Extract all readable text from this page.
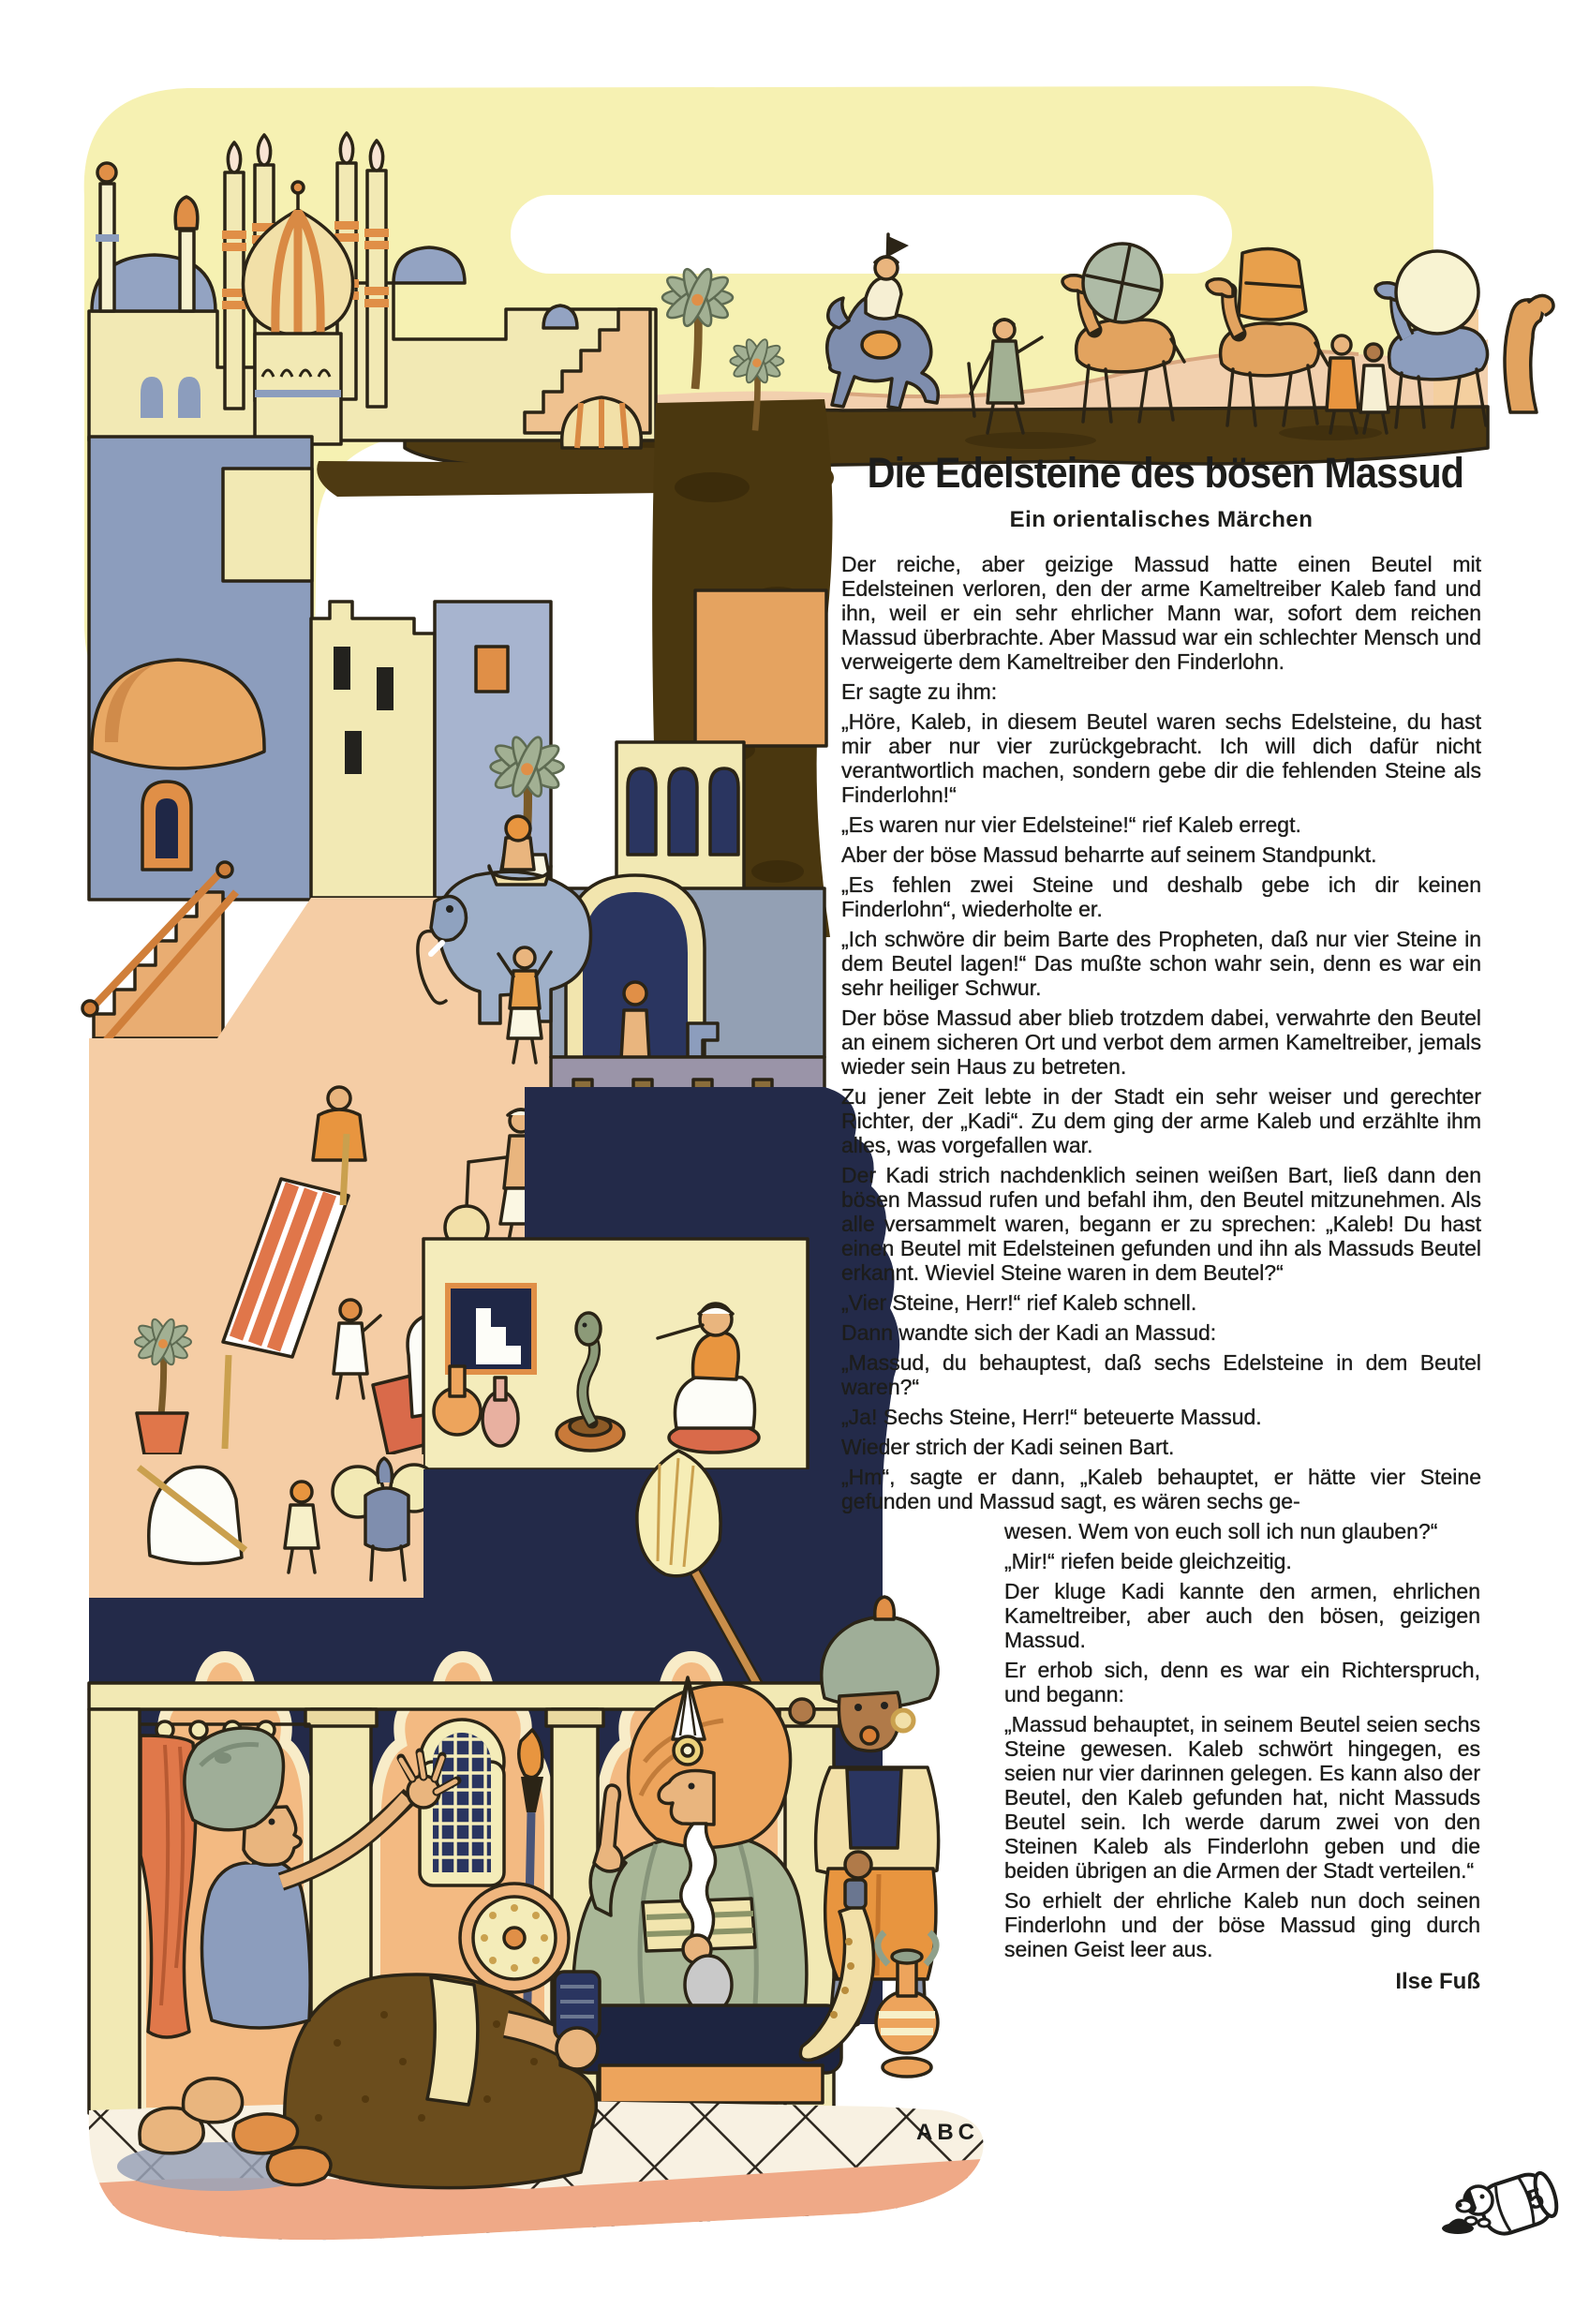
5
Die Edelsteine des bösen Massud
Ein orientalisches Märchen

Der reiche, aber geizige Massud hatte einen Beutel mit Edelsteinen verloren, den der arme Kameltreiber Kaleb fand und ihn, weil er ein sehr ehrlicher Mann war, sofort dem reichen Massud überbrachte. Aber Massud war ein schlechter Mensch und verweigerte dem Kameltreiber den Finderlohn.

Er sagte zu ihm:

„Höre, Kaleb, in diesem Beutel waren sechs Edelsteine, du hast mir aber nur vier zurückgebracht. Ich will dich dafür nicht verantwortlich machen, sondern gebe dir die fehlenden Steine als Finderlohn!“

„Es waren nur vier Edelsteine!“ rief Kaleb erregt.

Aber der böse Massud beharrte auf seinem Standpunkt.

„Es fehlen zwei Steine und deshalb gebe ich dir keinen Finderlohn“, wiederholte er.

„Ich schwöre dir beim Barte des Propheten, daß nur vier Steine in dem Beutel lagen!“ Das mußte schon wahr sein, denn es war ein sehr heiliger Schwur.

Der böse Massud aber blieb trotzdem dabei, verwahrte den Beutel an einem sicheren Ort und verbot dem armen Kameltreiber, jemals wieder sein Haus zu betreten.

Zu jener Zeit lebte in der Stadt ein sehr weiser und gerechter Richter, der „Kadi“. Zu dem ging der arme Kaleb und erzählte ihm alles, was vorgefallen war.

Der Kadi strich nachdenklich seinen weißen Bart, ließ dann den bösen Massud rufen und befahl ihm, den Beutel mitzunehmen. Als alle versammelt waren, begann er zu sprechen: „Kaleb! Du hast einen Beutel mit Edelsteinen gefunden und ihn als Massuds Beutel erkannt. Wieviel Steine waren in dem Beutel?“

„Vier Steine, Herr!“ rief Kaleb schnell.

Dann wandte sich der Kadi an Massud:

„Massud, du behauptest, daß sechs Edelsteine in dem Beutel waren?“

„Ja! Sechs Steine, Herr!“ beteuerte Massud.

Wieder strich der Kadi seinen Bart.

„Hm“, sagte er dann, „Kaleb behauptet, er hätte vier Steine gefunden und Massud sagt, es wären sechs ge-

wesen. Wem von euch soll ich nun glauben?“

„Mir!“ riefen beide gleichzeitig.

Der kluge Kadi kannte den armen, ehrlichen Kameltreiber, aber auch den bösen, geizigen Massud.

Er erhob sich, denn es war ein Richterspruch, und begann:

„Massud behauptet, in seinem Beutel seien sechs Steine gewesen. Kaleb schwört hingegen, es seien nur vier darinnen gelegen. Es kann also der Beutel, den Kaleb gefunden hat, nicht Massuds Beutel sein. Ich werde darum zwei von den Steinen Kaleb als Finderlohn geben und die beiden übrigen an die Armen der Stadt verteilen.“

So erhielt der ehrliche Kaleb nun doch seinen Finderlohn und der böse Massud ging durch seinen Geist leer aus.

Ilse Fuß
ABC
